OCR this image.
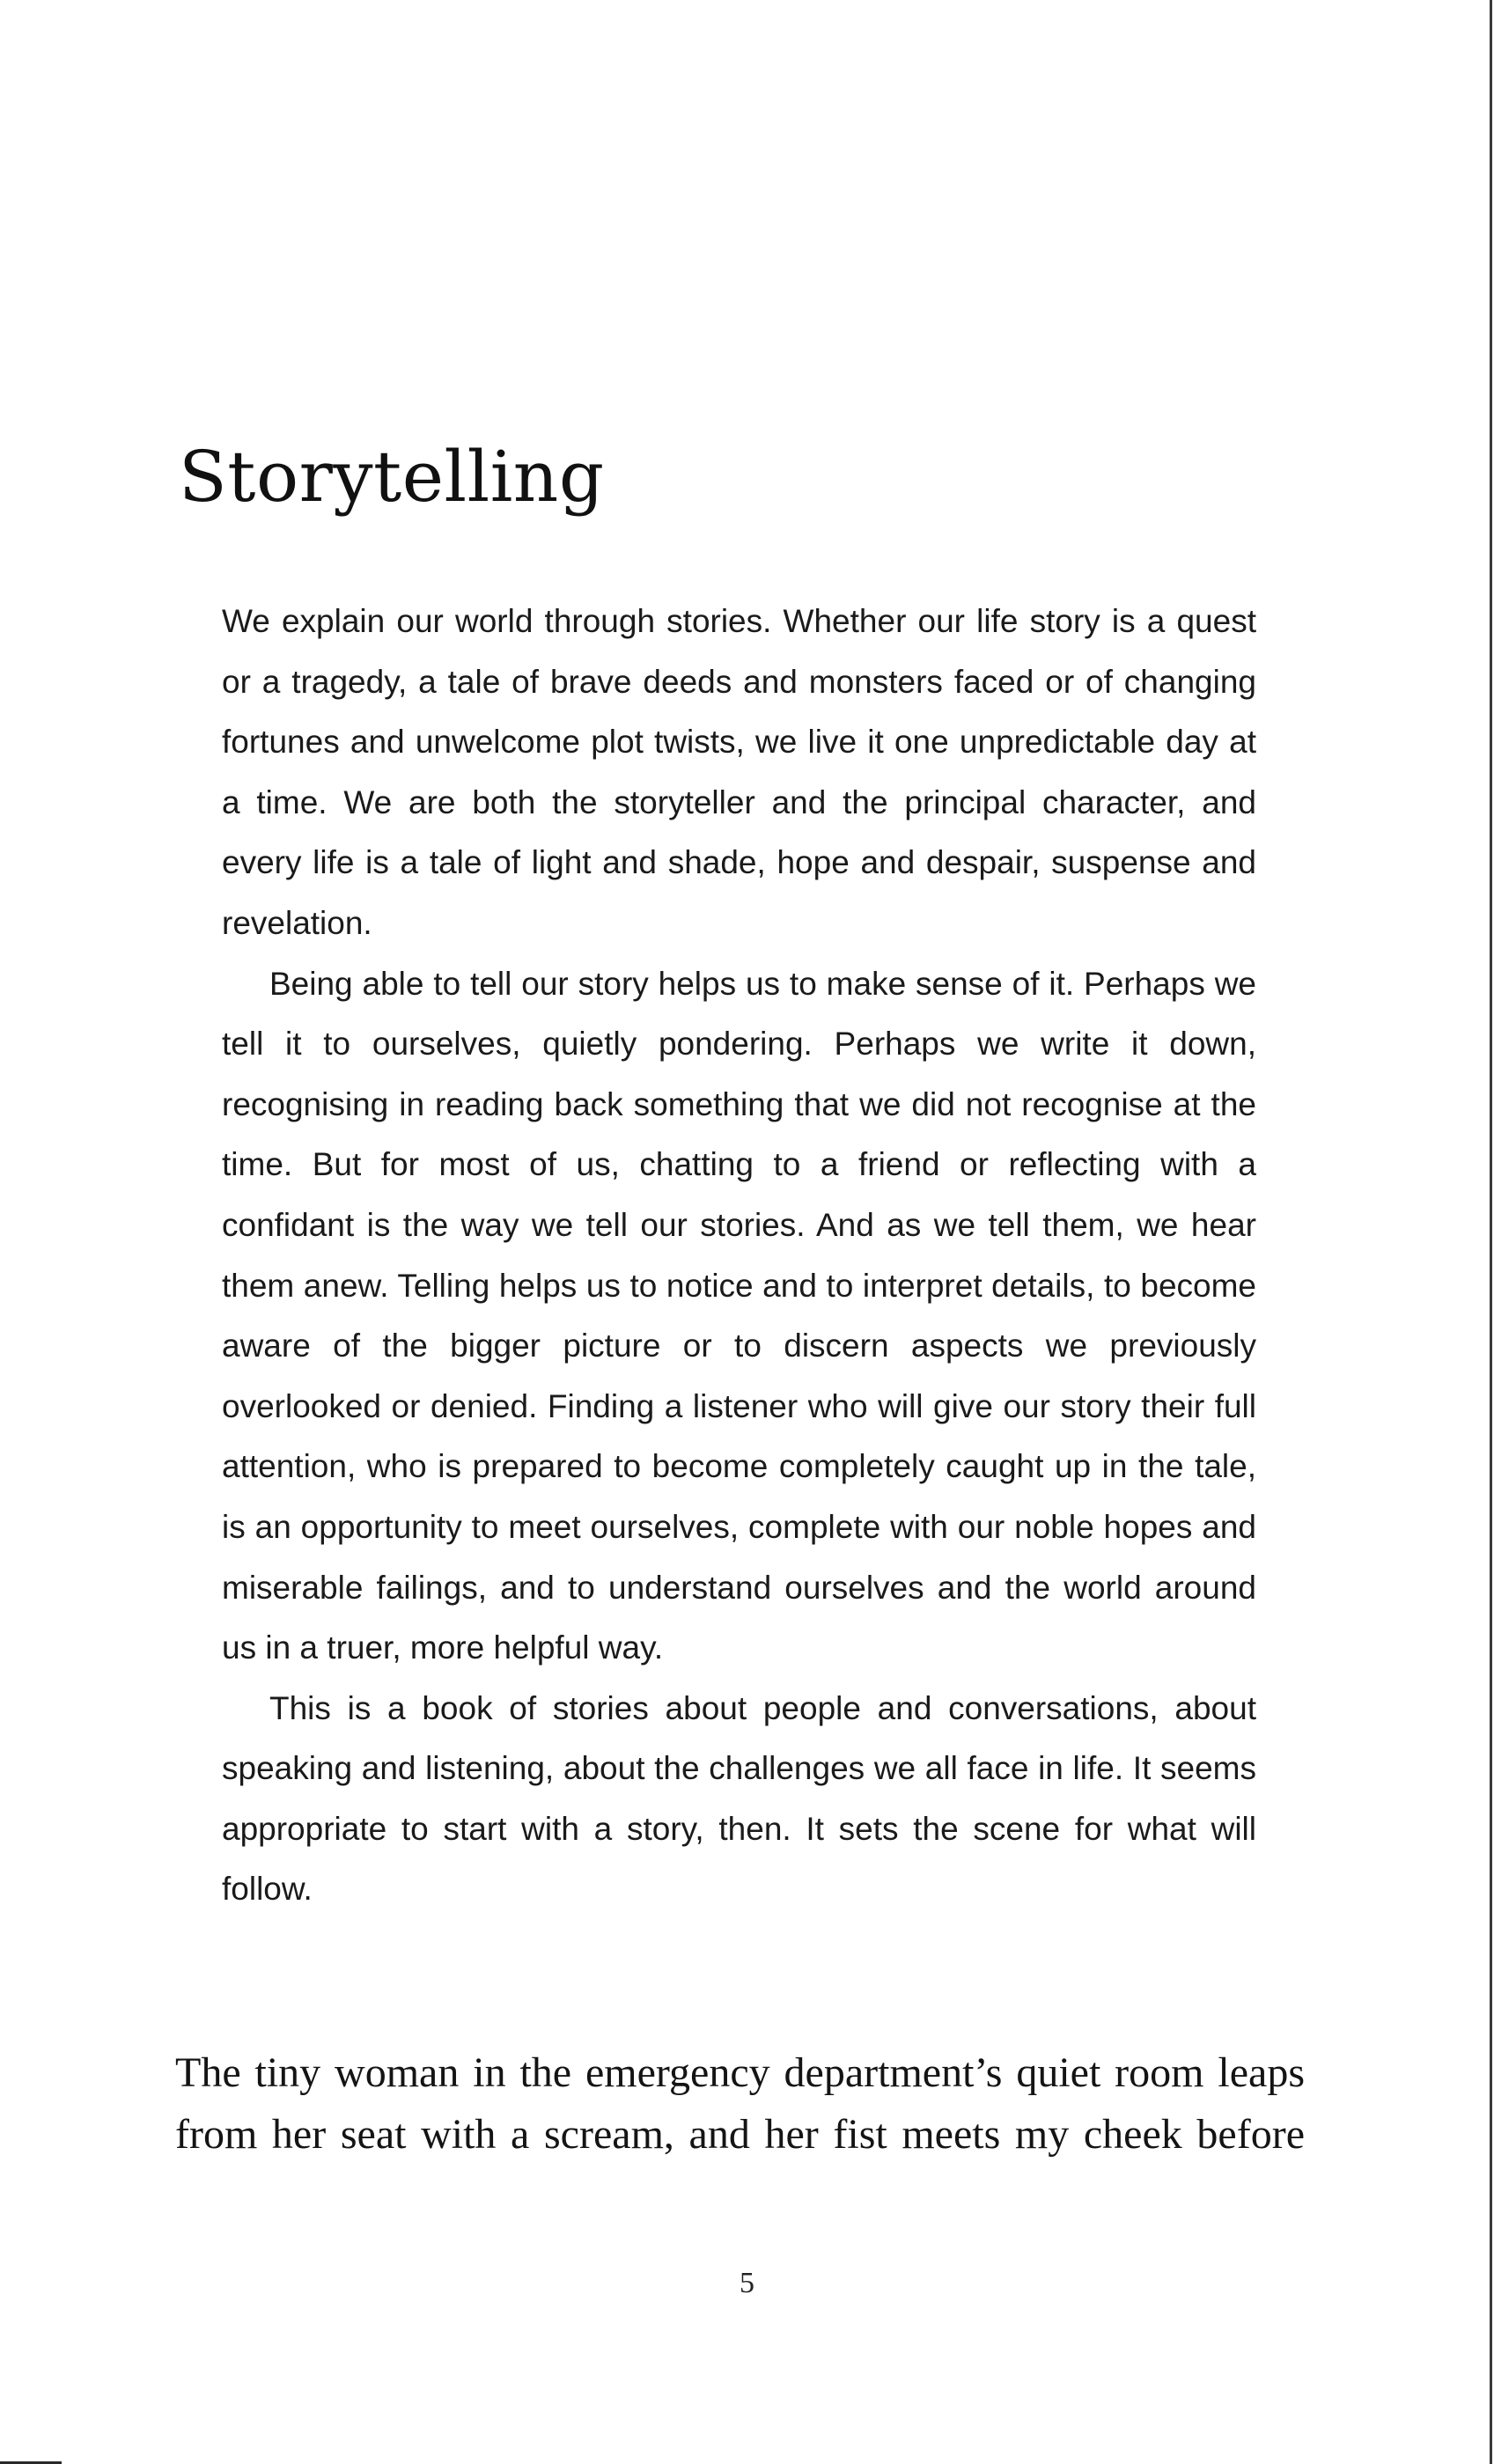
Storytelling

We explain our world through stories. Whether our life story is a quest or a tragedy, a tale of brave deeds and monsters faced or of changing fortunes and unwelcome plot twists, we live it one unpredictable day at a time. We are both the storyteller and the principal character, and every life is a tale of light and shade, hope and despair, suspense and revelation.

Being able to tell our story helps us to make sense of it. Perhaps we tell it to ourselves, quietly pondering. Perhaps we write it down, recognising in reading back something that we did not recognise at the time. But for most of us, chatting to a friend or reflecting with a confidant is the way we tell our stories. And as we tell them, we hear them anew. Telling helps us to notice and to interpret details, to become aware of the bigger picture or to discern aspects we previously overlooked or denied. Finding a listener who will give our story their full attention, who is prepared to become completely caught up in the tale, is an opportunity to meet ourselves, complete with our noble hopes and miserable failings, and to understand ourselves and the world around us in a truer, more helpful way.

This is a book of stories about people and conversations, about speaking and listening, about the challenges we all face in life. It seems appropriate to start with a story, then. It sets the scene for what will follow.

The tiny woman in the emergency department’s quiet room leaps from her seat with a scream, and her fist meets my cheek before

5
